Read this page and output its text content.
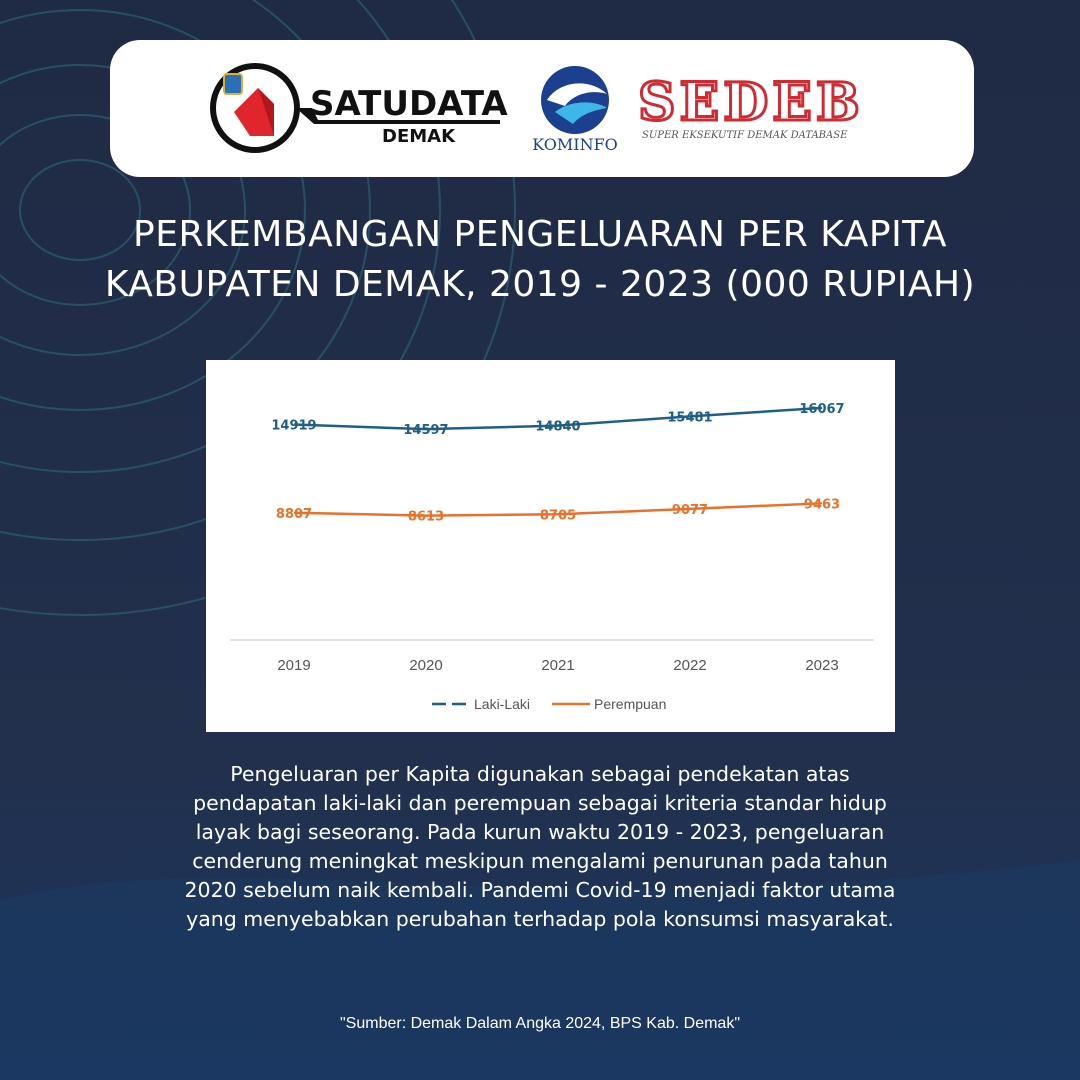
SATUDATA
DEMAK	KOMINFO
SEDEB
SUPER EKSEKUTIF DEMAK DATABASE
PERKEMBANGAN PENGELUARAN PER KAPITA
KABUPATEN DEMAK, 2019 - 2023 (000 RUPIAH)
14919	14597	14840
15481
16067
8807	8613	8705	9077	9463
2019	2020	2021	2022	2023
Laki-Laki	Perempuan
Pengeluaran per Kapita digunakan sebagai pendekatan atas
pendapatan laki-laki dan perempuan sebagai kriteria standar hidup
layak bagi seseorang. Pada kurun waktu 2019 - 2023, pengeluaran
cenderung meningkat meskipun mengalami penurunan pada tahun
2020 sebelum naik kembali. Pandemi Covid-19 menjadi faktor utama
yang menyebabkan perubahan terhadap pola konsumsi masyarakat.
"Sumber: Demak Dalam Angka 2024, BPS Kab. Demak"
